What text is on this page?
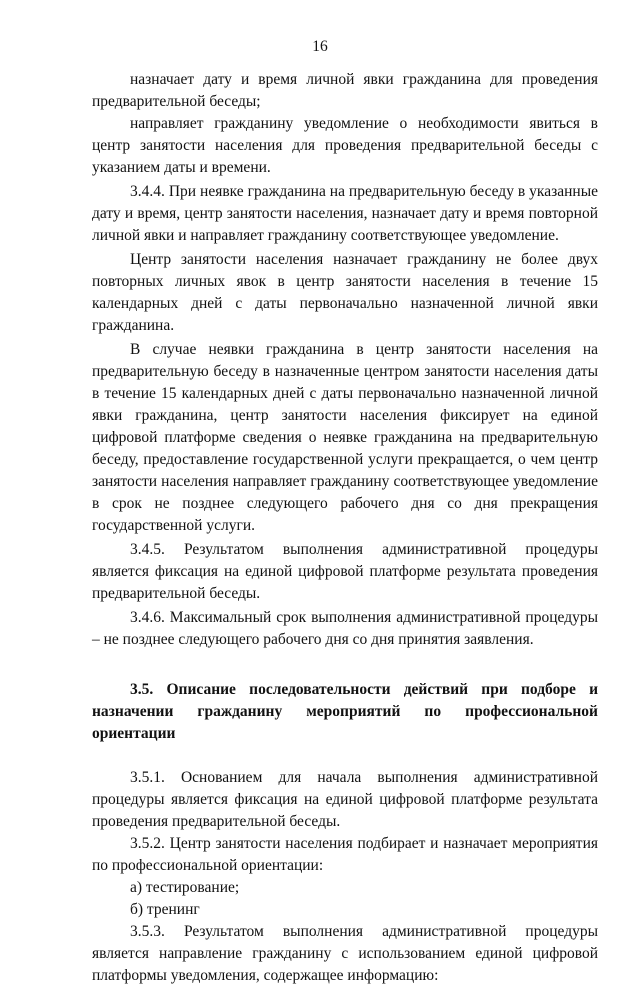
16

назначает дату и время личной явки гражданина для проведения предварительной беседы;

направляет гражданину уведомление о необходимости явиться в центр занятости населения для проведения предварительной беседы с указанием даты и времени.

3.4.4. При неявке гражданина на предварительную беседу в указанные дату и время, центр занятости населения, назначает дату и время повторной личной явки и направляет гражданину соответствующее уведомление.

Центр занятости населения назначает гражданину не более двух повторных личных явок в центр занятости населения в течение 15 календарных дней с даты первоначально назначенной личной явки гражданина.

В случае неявки гражданина в центр занятости населения на предварительную беседу в назначенные центром занятости населения даты в течение 15 календарных дней с даты первоначально назначенной личной явки гражданина, центр занятости населения фиксирует на единой цифровой платформе сведения о неявке гражданина на предварительную беседу, предоставление государственной услуги прекращается, о чем центр занятости населения направляет гражданину соответствующее уведомление в срок не позднее следующего рабочего дня со дня прекращения государственной услуги.

3.4.5. Результатом выполнения административной процедуры является фиксация на единой цифровой платформе результата проведения предварительной беседы.

3.4.6. Максимальный срок выполнения административной процедуры – не позднее следующего рабочего дня со дня принятия заявления.

3.5. Описание последовательности действий при подборе и назначении гражданину мероприятий по профессиональной ориентации

3.5.1. Основанием для начала выполнения административной процедуры является фиксация на единой цифровой платформе результата проведения предварительной беседы.

3.5.2. Центр занятости населения подбирает и назначает мероприятия по профессиональной ориентации:

а) тестирование;

б) тренинг

3.5.3. Результатом выполнения административной процедуры является направление гражданину с использованием единой цифровой платформы уведомления, содержащее информацию:
